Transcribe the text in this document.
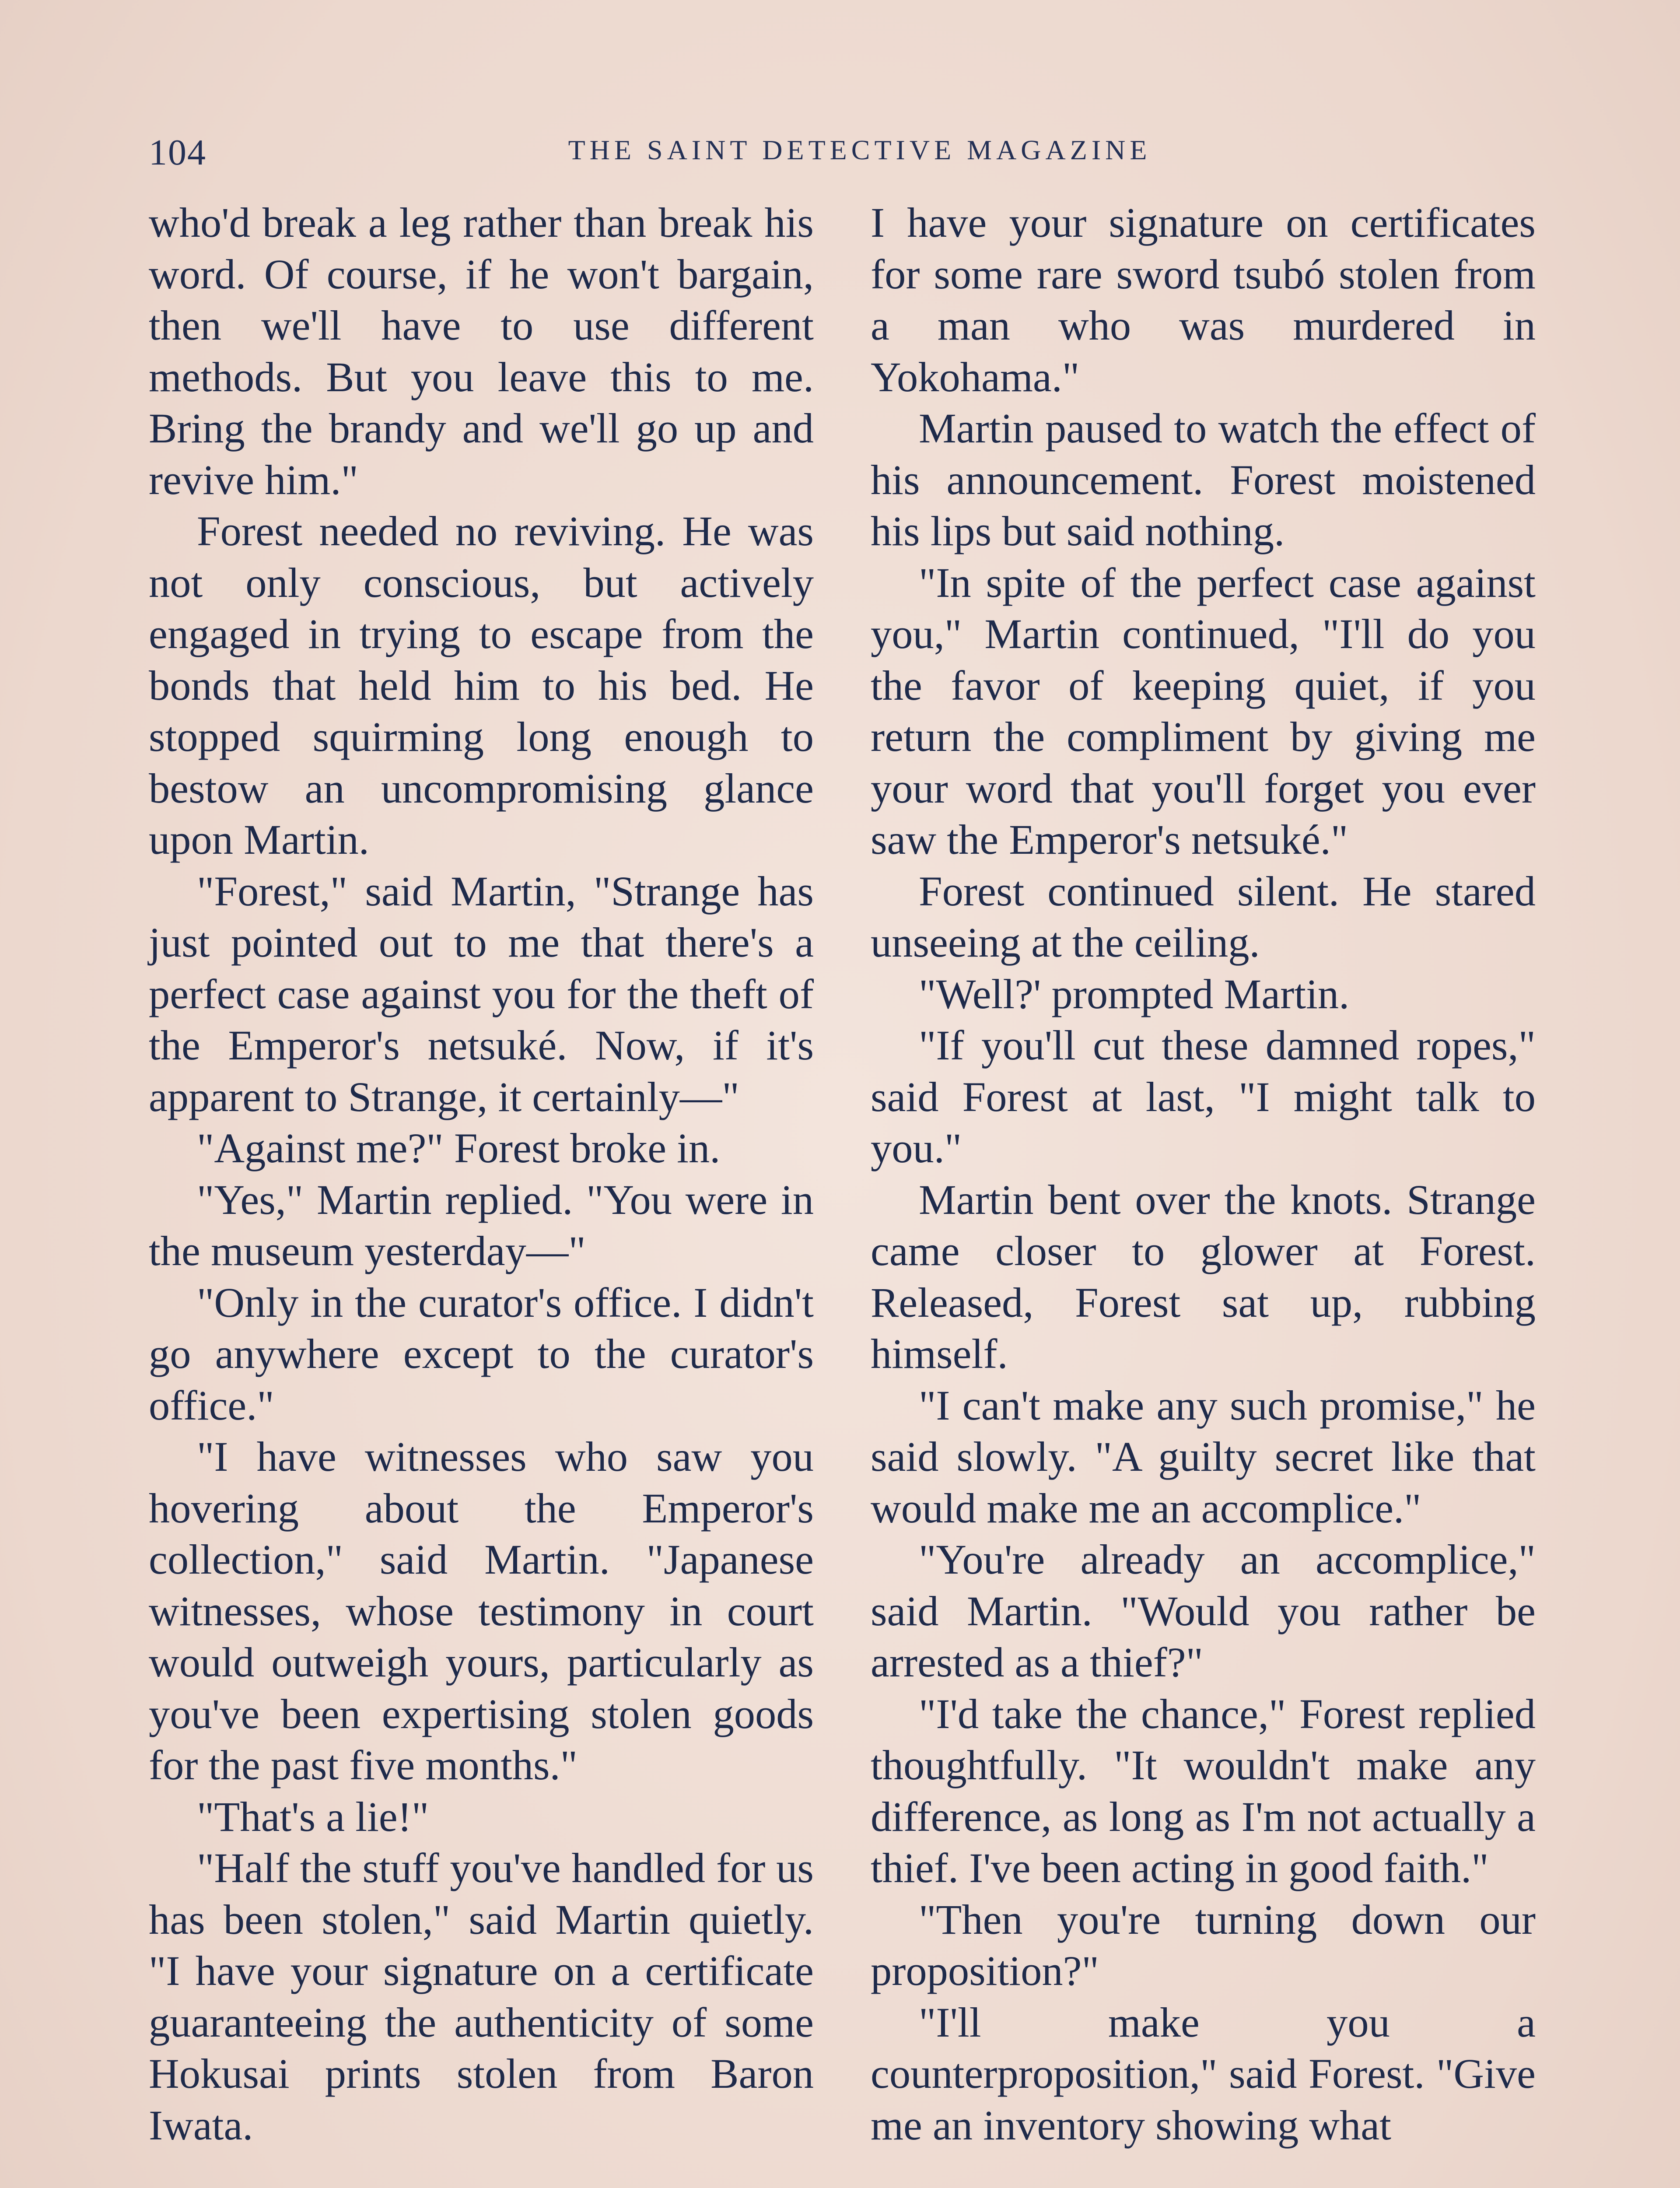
104	THE SAINT DETECTIVE MAGAZINE

who'd break a leg rather than break his word. Of course, if he won't bargain, then we'll have to use different methods. But you leave this to me. Bring the brandy and we'll go up and revive him."

Forest needed no reviving. He was not only conscious, but actively engaged in trying to escape from the bonds that held him to his bed. He stopped squirming long enough to bestow an uncompromising glance upon Martin.

"Forest," said Martin, "Strange has just pointed out to me that there's a perfect case against you for the theft of the Emperor's netsuké. Now, if it's apparent to Strange, it certainly—"

"Against me?" Forest broke in.

"Yes," Martin replied. "You were in the museum yesterday—"

"Only in the curator's office. I didn't go anywhere except to the curator's office."

"I have witnesses who saw you hovering about the Emperor's collection," said Martin. "Japanese witnesses, whose testimony in court would outweigh yours, particularly as you've been expertising stolen goods for the past five months."

"That's a lie!"

"Half the stuff you've handled for us has been stolen," said Martin quietly. "I have your signature on a certificate guaranteeing the authenticity of some Hokusai prints stolen from Baron Iwata.

I have your signature on certificates for some rare sword tsubó stolen from a man who was murdered in Yokohama."

Martin paused to watch the effect of his announcement. Forest moistened his lips but said nothing.

"In spite of the perfect case against you," Martin continued, "I'll do you the favor of keeping quiet, if you return the compliment by giving me your word that you'll forget you ever saw the Emperor's netsuké."

Forest continued silent. He stared unseeing at the ceiling.

"Well?' prompted Martin.

"If you'll cut these damned ropes," said Forest at last, "I might talk to you."

Martin bent over the knots. Strange came closer to glower at Forest. Released, Forest sat up, rubbing himself.

"I can't make any such promise," he said slowly. "A guilty secret like that would make me an accomplice."

"You're already an accomplice," said Martin. "Would you rather be arrested as a thief?"

"I'd take the chance," Forest replied thoughtfully. "It wouldn't make any difference, as long as I'm not actually a thief. I've been acting in good faith."

"Then you're turning down our proposition?"

"I'll make you a counterproposition," said Forest. "Give me an inventory showing what
